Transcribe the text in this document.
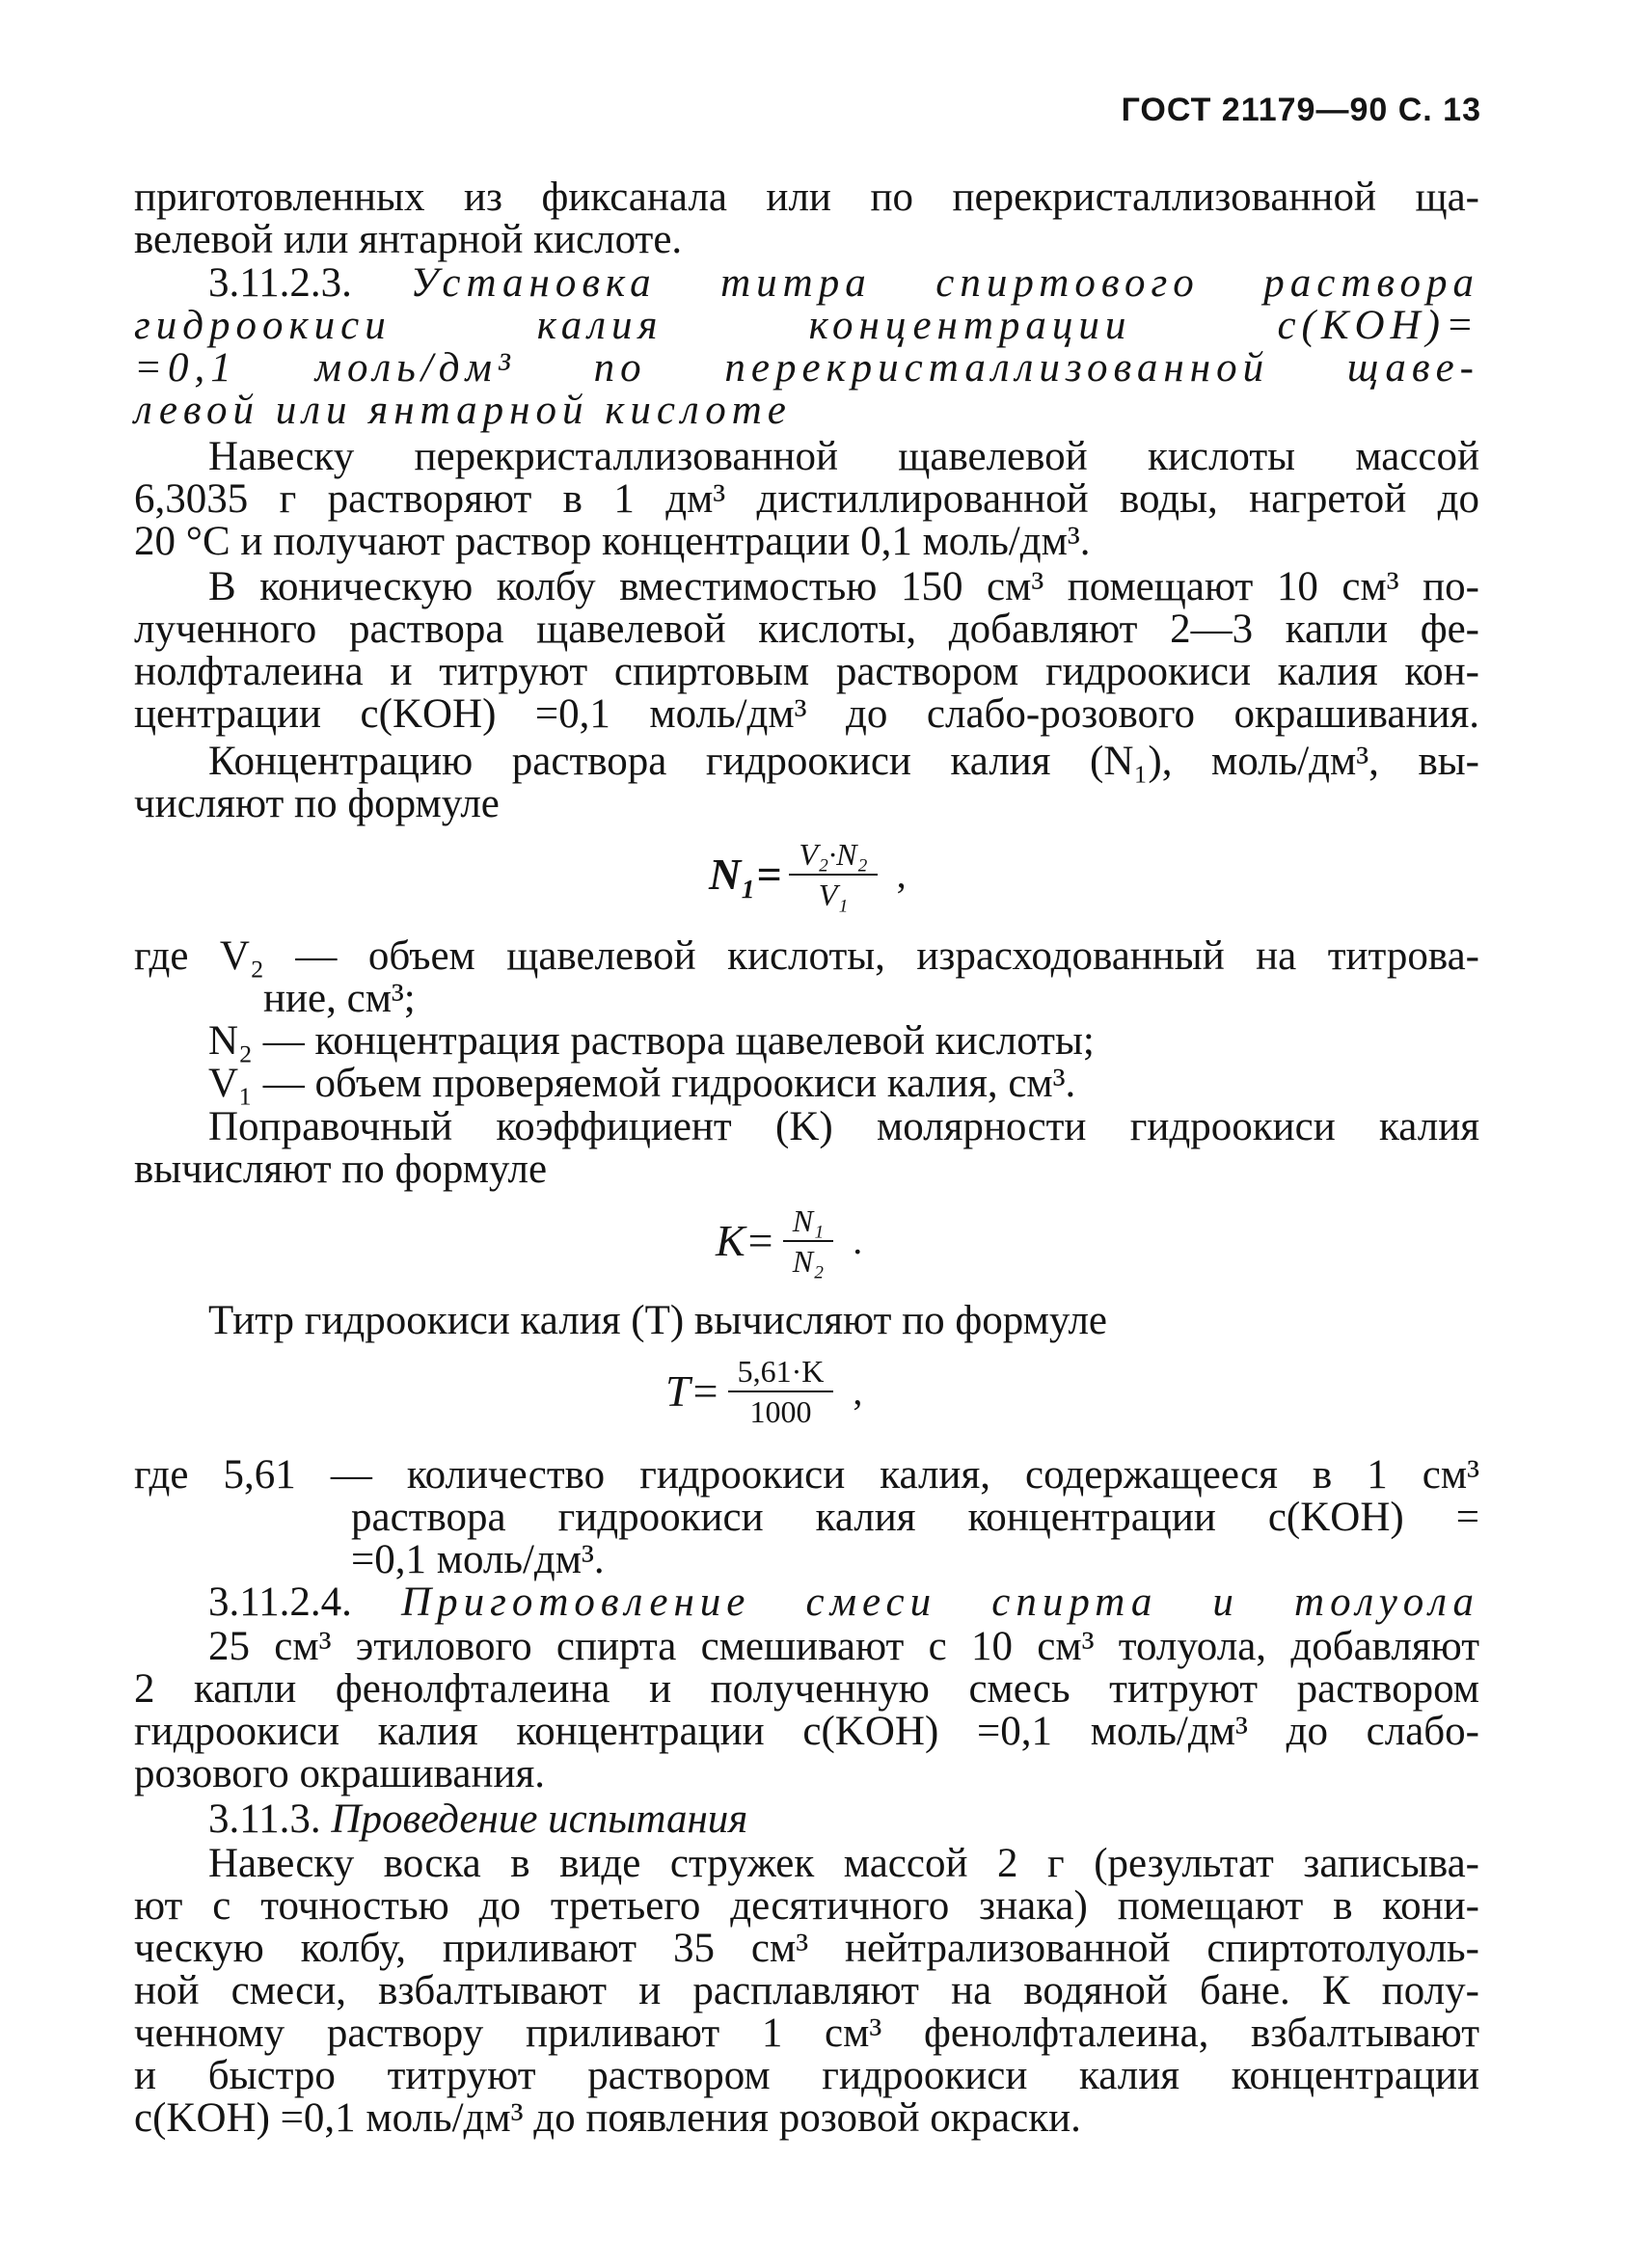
ГОСТ 21179—90 С. 13
приготовленных из фиксанала или по перекристаллизованной ща-
велевой или янтарной кислоте.
3.11.2.3. Установка титра спиртового раствора
гидроокиси калия концентрации c(KOH)=
=0,1 моль/дм³ по перекристаллизованной щаве-
левой или янтарной кислоте
Навеску перекристаллизованной щавелевой кислоты массой
6,3035 г растворяют в 1 дм³ дистиллированной воды, нагретой до
20 °С и получают раствор концентрации 0,1 моль/дм³.
В коническую колбу вместимостью 150 см³ помещают 10 см³ по-
лученного раствора щавелевой кислоты, добавляют 2—3 капли фе-
нолфталеина и титруют спиртовым раствором гидроокиси калия кон-
центрации c(KOH) =0,1 моль/дм³ до слабо-розового окрашивания.
Концентрацию раствора гидроокиси калия (N₁), моль/дм³, вы-
числяют по формуле
$N_1= \frac{\text{V₂·N₂}}{\text{V₁}}$ ,
где V₂ — объем щавелевой кислоты, израсходованный на титрова-
ние, см³;
N₂ — концентрация раствора щавелевой кислоты;
V₁ — объем проверяемой гидроокиси калия, см³.
Поправочный коэффициент (K) молярности гидроокиси калия
вычисляют по формуле
$K= \frac{\text{N₁}}{\text{N₂}}$ .
Титр гидроокиси калия (T) вычисляют по формуле
$T= \frac{5,61\cdot K}{1000}$ ,
где 5,61 — количество гидроокиси калия, содержащееся в 1 см³
раствора гидроокиси калия концентрации c(KOH) =
=0,1 моль/дм³.
3.11.2.4. Приготовление смеси спирта и толуола
25 см³ этилового спирта смешивают с 10 см³ толуола, добавляют
2 капли фенолфталеина и полученную смесь титруют раствором
гидроокиси калия концентрации c(KOH) =0,1 моль/дм³ до слабо-
розового окрашивания.
3.11.3. Проведение испытания
Навеску воска в виде стружек массой 2 г (результат записыва-
ют с точностью до третьего десятичного знака) помещают в кони-
ческую колбу, приливают 35 см³ нейтрализованной спиртотолуоль-
ной смеси, взбалтывают и расплавляют на водяной бане. К полу-
ченному раствору приливают 1 см³ фенолфталеина, взбалтывают
и быстро титруют раствором гидроокиси калия концентрации
c(KOH) =0,1 моль/дм³ до появления розовой окраски.
